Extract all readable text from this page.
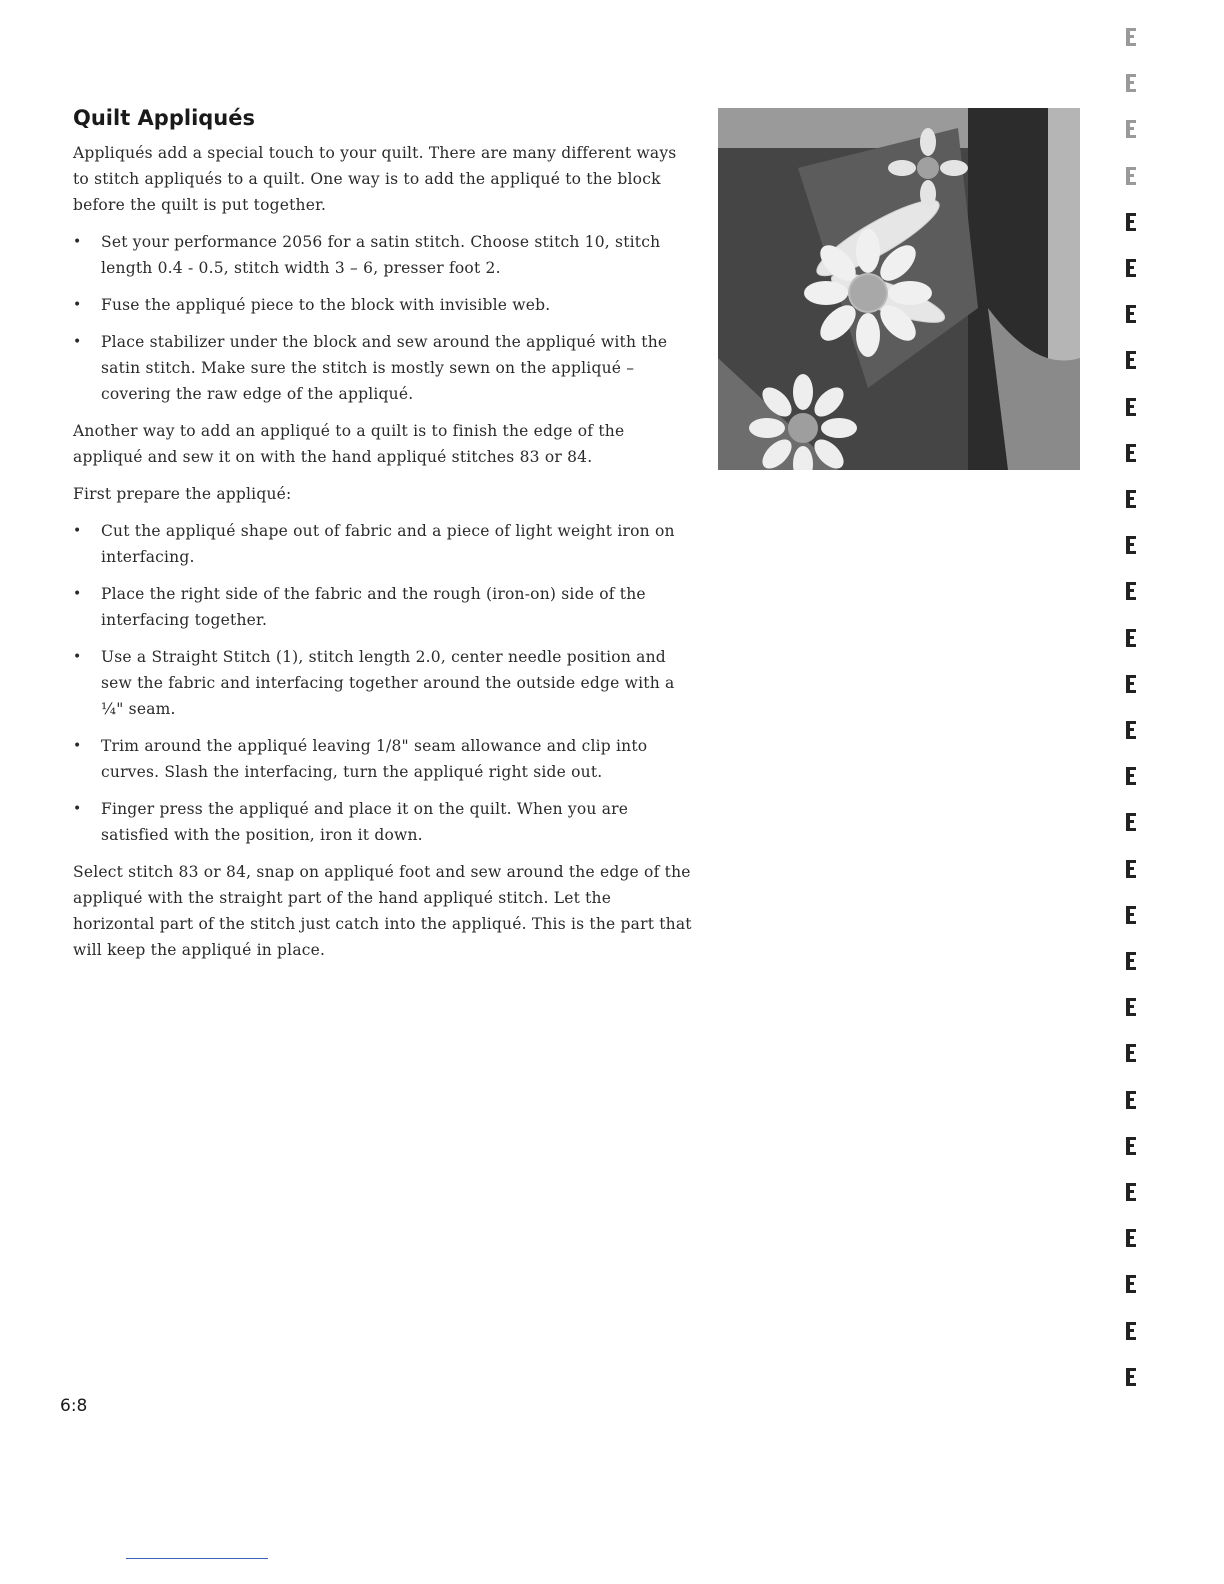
Quilt Appliqués

Appliqués add a special touch to your quilt. There are many different ways to stitch appliqués to a quilt. One way is to add the appliqué to the block before the quilt is put together.

• Set your performance 2056 for a satin stitch. Choose stitch 10, stitch length 0.4 - 0.5, stitch width 3 – 6, presser foot 2.
• Fuse the appliqué piece to the block with invisible web.
• Place stabilizer under the block and sew around the appliqué with the satin stitch. Make sure the stitch is mostly sewn on the appliqué – covering the raw edge of the appliqué.

Another way to add an appliqué to a quilt is to finish the edge of the appliqué and sew it on with the hand appliqué stitches 83 or 84.

First prepare the appliqué:

• Cut the appliqué shape out of fabric and a piece of light weight iron on interfacing.
• Place the right side of the fabric and the rough (iron-on) side of the interfacing together.
• Use a Straight Stitch (1), stitch length 2.0, center needle position and sew the fabric and interfacing together around the outside edge with a ¼" seam.
• Trim around the appliqué leaving 1/8" seam allowance and clip into curves. Slash the interfacing, turn the appliqué right side out.
• Finger press the appliqué and place it on the quilt. When you are satisfied with the position, iron it down.

Select stitch 83 or 84, snap on appliqué foot and sew around the edge of the appliqué with the straight part of the hand appliqué stitch. Let the horizontal part of the stitch just catch into the appliqué. This is the part that will keep the appliqué in place.

6:8
